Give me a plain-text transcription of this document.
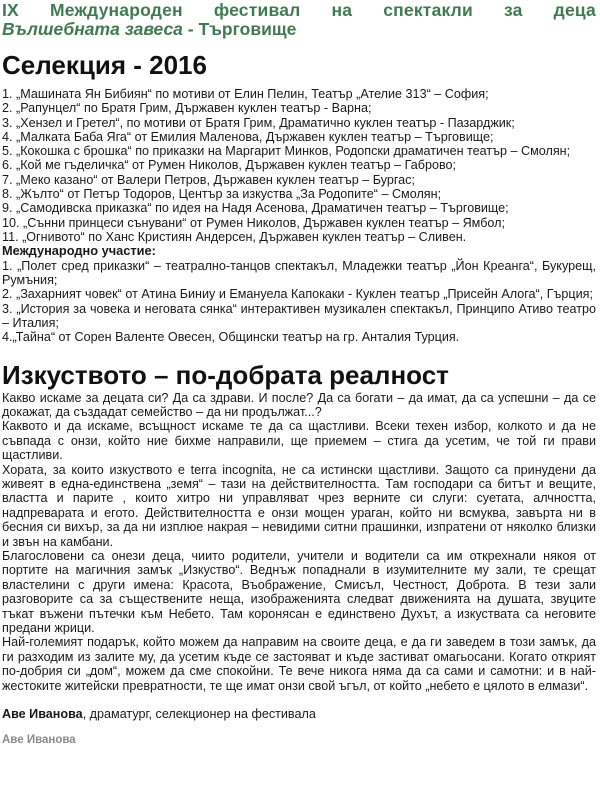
IX Международен фестивал на спектакли за деца
Вълшебната завеса - Търговище
Селекция - 2016
1. „Машината Ян Бибиян“ по мотиви от Елин Пелин, Театър „Ателие 313“ – София;
2. „Рапунцел“ по Братя Грим, Държавен куклен театър - Варна;
3. „Хензел и Гретел“, по мотиви от Братя Грим, Драматично куклен театър - Пазарджик;
4. „Малката Баба Яга“ от Емилия Маленова, Държавен куклен театър – Търговище;
5. „Кокошка с брошка“ по приказки на Маргарит Минков, Родопски драматичен театър – Смолян;
6. „Кой ме гъделичка“ от Румен Николов, Държавен куклен театър – Габрово;
7. „Меко казано“ от Валери Петров, Държавен куклен театър – Бургас;
8. „Жълто“ от Петър Тодоров, Център за изкуства „За Родопите“ – Смолян;
9. „Самодивска приказка“ по идея на Надя Асенова, Драматичен театър – Търговище;
10. „Сънни принцеси сънувани“ от Румен Николов, Държавен куклен театър – Ямбол;
11. „Огнивото“ по Ханс Кристиян Андерсен, Държавен куклен театър – Сливен.
Международно участие:
1. „Полет сред приказки“ – театрално-танцов спектакъл, Младежки театър „Йон Креанга“, Букурещ, Румъния;
2. „Захарният човек“ от Атина Биниу и Емануела Капокаки - Куклен театър „Присейн Алога“, Гърция;
3. „История за човека и неговата сянка“ интерактивен музикален спектакъл, Принципо Ативо театро – Италия;
4.„Тайна“ от Сорен Валенте Овесен, Общински театър на гр. Анталия Турция.
Изкуството – по-добрата реалност

Какво искаме за децата си? Да са здрави. И после? Да са богати – да имат, да са успешни – да се докажат, да създадат семейство – да ни продължат...?

Каквото и да искаме, всъщност искаме те да са щастливи. Всеки техен избор, колкото и да не съвпада с онзи, който ние бихме направили, ще приемем – стига да усетим, че той ги прави щастливи.

Хората, за които изкуството е terra incognita, не са истински щастливи. Защото са принудени да живеят в една-единствена „земя“ – тази на действителността. Там господари са битът и вещите, властта и парите , които хитро ни управляват чрез верните си слуги: суетата, алчността, надпреварата и егото. Действителността е онзи мощен ураган, който ни всмуква, завърта ни в бесния си вихър, за да ни изплюе накрая – невидими ситни прашинки, изпратени от няколко близки и звън на камбани.

Благословени са онези деца, чиито родители, учители и водители са им открехнали някоя от портите на магичния замък „Изкуство“. Веднъж попаднали в изумителните му зали, те срещат властелини с други имена: Красота, Въображение, Смисъл, Честност, Доброта. В тези зали разговорите са за съществените неща, изображенията следват движенията на душата, звуците тъкат въжени пътечки към Небето. Там коронясан е единствено Духът, а изкуствата са неговите предани жрици.

Най-големият подарък, който можем да направим на своите деца, е да ги заведем в този замък, да ги разходим из залите му, да усетим къде се застояват и къде застиват омагьосани. Когато открият по-добрия си „дом“, можем да сме спокойни. Те вече никога няма да са сами и самотни: и в най-жестоките житейски превратности, те ще имат онзи свой ъгъл, от който „небето е цялото в елмази“.

Аве Иванова, драматург, селекционер на фестивала

Аве Иванова
